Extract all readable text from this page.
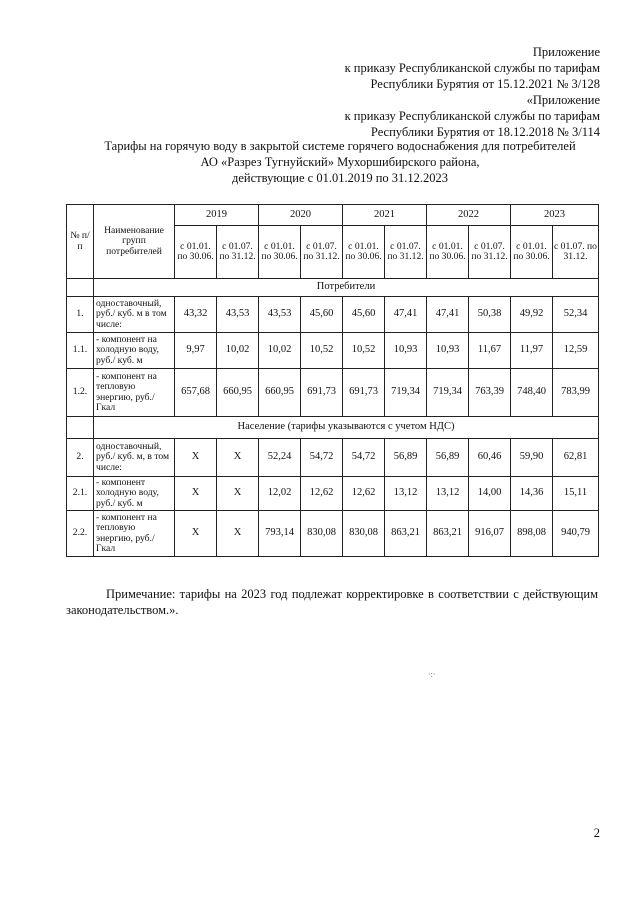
Приложение
к приказу Республиканской службы по тарифам
Республики Бурятия от 15.12.2021 № 3/128
«Приложение
к приказу Республиканской службы по тарифам
Республики Бурятия от 18.12.2018 № 3/114
Тарифы на горячую воду в закрытой системе горячего водоснабжения для потребителей
АО «Разрез Тугнуйский» Мухоршибирского района,
действующие с 01.01.2019 по 31.12.2023
№ п/п	Наименование групп потребителей	2019		2020		2021		2022		2023	
		с 01.01. по 30.06.	с 01.07. по 31.12.	с 01.01. по 30.06.	с 01.07. по 31.12.	с 01.01. по 30.06.	с 01.07. по 31.12.	с 01.01. по 30.06.	с 01.07. по 31.12.	с 01.01. по 30.06.	с 01.07. по 31.12.
	Потребители										
1.	одноставочный, руб./ куб. м в том числе:	43,32	43,53	43,53	45,60	45,60	47,41	47,41	50,38	49,92	52,34
1.1.	- компонент на холодную воду, руб./ куб. м	9,97	10,02	10,02	10,52	10,52	10,93	10,93	11,67	11,97	12,59
1.2.	- компонент на тепловую энергию, руб./Гкал	657,68	660,95	660,95	691,73	691,73	719,34	719,34	763,39	748,40	783,99
	Население (тарифы указываются с учетом НДС)										
2.	одноставочный, руб./ куб. м, в том числе:	X	X	52,24	54,72	54,72	56,89	56,89	60,46	59,90	62,81
2.1.	- компонент холодную воду, руб./ куб. м	X	X	12,02	12,62	12,62	13,12	13,12	14,00	14,36	15,11
2.2.	- компонент на тепловую энергию, руб./Гкал	X	X	793,14	830,08	830,08	863,21	863,21	916,07	898,08	940,79
Примечание: тарифы на 2023 год подлежат корректировке в соответствии с действующим законодательством.».
·:·
2
